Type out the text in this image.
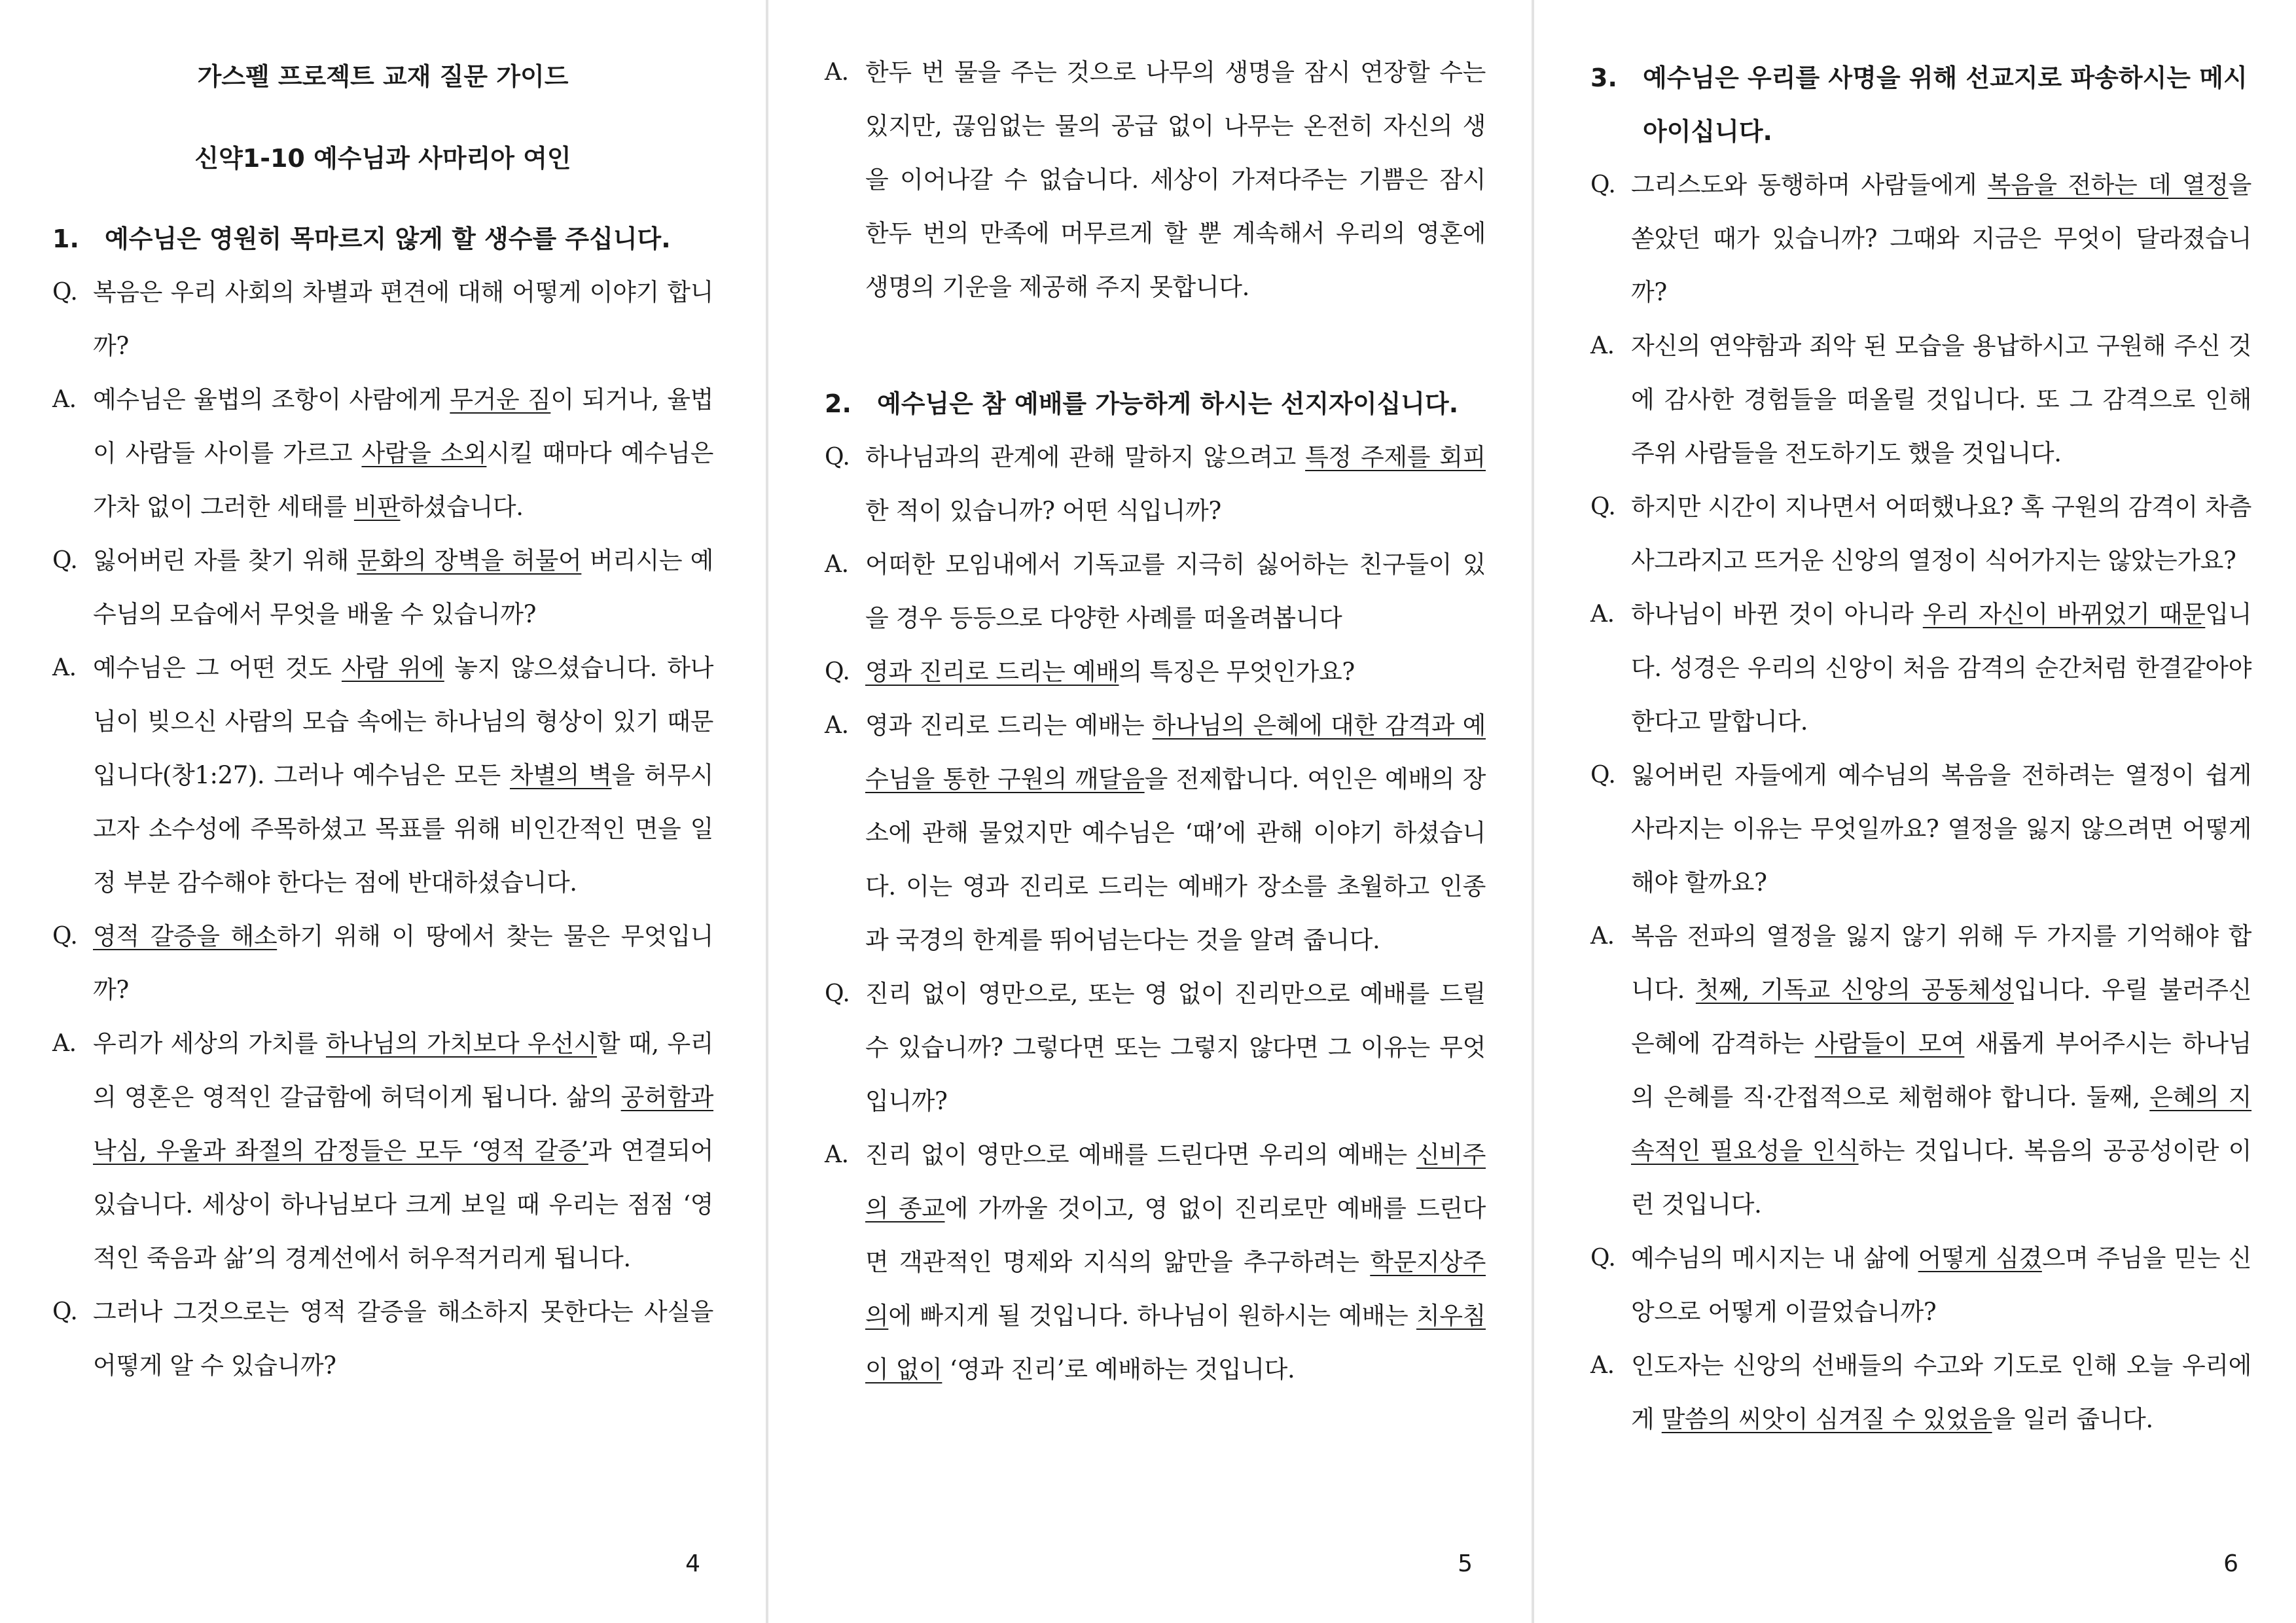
가스펠 프로젝트 교재 질문 가이드

신약1-10 예수님과 사마리아 여인

1. 예수님은 영원히 목마르지 않게 할 생수를 주십니다.
Q. 복음은 우리 사회의 차별과 편견에 대해 어떻게 이야기 합니까?
A. 예수님은 율법의 조항이 사람에게 무거운 짐이 되거나, 율법이 사람들 사이를 가르고 사람을 소외시킬 때마다 예수님은 가차 없이 그러한 세태를 비판하셨습니다.
Q. 잃어버린 자를 찾기 위해 문화의 장벽을 허물어 버리시는 예수님의 모습에서 무엇을 배울 수 있습니까?
A. 예수님은 그 어떤 것도 사람 위에 놓지 않으셨습니다. 하나님이 빚으신 사람의 모습 속에는 하나님의 형상이 있기 때문입니다(창1:27). 그러나 예수님은 모든 차별의 벽을 허무시고자 소수성에 주목하셨고 목표를 위해 비인간적인 면을 일정 부분 감수해야 한다는 점에 반대하셨습니다.
Q. 영적 갈증을 해소하기 위해 이 땅에서 찾는 물은 무엇입니까?
A. 우리가 세상의 가치를 하나님의 가치보다 우선시할 때, 우리의 영혼은 영적인 갈급함에 허덕이게 됩니다. 삶의 공허함과 낙심, 우울과 좌절의 감정들은 모두 ‘영적 갈증’과 연결되어 있습니다. 세상이 하나님보다 크게 보일 때 우리는 점점 ‘영적인 죽음과 삶’의 경계선에서 허우적거리게 됩니다.
Q. 그러나 그것으로는 영적 갈증을 해소하지 못한다는 사실을 어떻게 알 수 있습니까?
4
A. 한두 번 물을 주는 것으로 나무의 생명을 잠시 연장할 수는 있지만, 끊임없는 물의 공급 없이 나무는 온전히 자신의 생을 이어나갈 수 없습니다. 세상이 가져다주는 기쁨은 잠시 한두 번의 만족에 머무르게 할 뿐 계속해서 우리의 영혼에 생명의 기운을 제공해 주지 못합니다.
2. 예수님은 참 예배를 가능하게 하시는 선지자이십니다.
Q. 하나님과의 관계에 관해 말하지 않으려고 특정 주제를 회피한 적이 있습니까? 어떤 식입니까?
A. 어떠한 모임내에서 기독교를 지극히 싫어하는 친구들이 있을 경우 등등으로 다양한 사례를 떠올려봅니다
Q. 영과 진리로 드리는 예배의 특징은 무엇인가요?
A. 영과 진리로 드리는 예배는 하나님의 은혜에 대한 감격과 예수님을 통한 구원의 깨달음을 전제합니다. 여인은 예배의 장소에 관해 물었지만 예수님은 ‘때’에 관해 이야기 하셨습니다. 이는 영과 진리로 드리는 예배가 장소를 초월하고 인종과 국경의 한계를 뛰어넘는다는 것을 알려 줍니다.
Q. 진리 없이 영만으로, 또는 영 없이 진리만으로 예배를 드릴 수 있습니까? 그렇다면 또는 그렇지 않다면 그 이유는 무엇입니까?
A. 진리 없이 영만으로 예배를 드린다면 우리의 예배는 신비주의 종교에 가까울 것이고, 영 없이 진리로만 예배를 드린다면 객관적인 명제와 지식의 앎만을 추구하려는 학문지상주의에 빠지게 될 것입니다. 하나님이 원하시는 예배는 치우침이 없이 ‘영과 진리’로 예배하는 것입니다.
5
3. 예수님은 우리를 사명을 위해 선교지로 파송하시는 메시아이십니다.
Q. 그리스도와 동행하며 사람들에게 복음을 전하는 데 열정을 쏟았던 때가 있습니까? 그때와 지금은 무엇이 달라졌습니까?
A. 자신의 연약함과 죄악 된 모습을 용납하시고 구원해 주신 것에 감사한 경험들을 떠올릴 것입니다. 또 그 감격으로 인해 주위 사람들을 전도하기도 했을 것입니다.
Q. 하지만 시간이 지나면서 어떠했나요? 혹 구원의 감격이 차츰 사그라지고 뜨거운 신앙의 열정이 식어가지는 않았는가요?
A. 하나님이 바뀐 것이 아니라 우리 자신이 바뀌었기 때문입니다. 성경은 우리의 신앙이 처음 감격의 순간처럼 한결같아야 한다고 말합니다.
Q. 잃어버린 자들에게 예수님의 복음을 전하려는 열정이 쉽게 사라지는 이유는 무엇일까요? 열정을 잃지 않으려면 어떻게 해야 할까요?
A. 복음 전파의 열정을 잃지 않기 위해 두 가지를 기억해야 합니다. 첫째, 기독교 신앙의 공동체성입니다. 우릴 불러주신 은혜에 감격하는 사람들이 모여 새롭게 부어주시는 하나님의 은혜를 직·간접적으로 체험해야 합니다. 둘째, 은혜의 지속적인 필요성을 인식하는 것입니다. 복음의 공공성이란 이런 것입니다.
Q. 예수님의 메시지는 내 삶에 어떻게 심겼으며 주님을 믿는 신앙으로 어떻게 이끌었습니까?
A. 인도자는 신앙의 선배들의 수고와 기도로 인해 오늘 우리에게 말씀의 씨앗이 심겨질 수 있었음을 일러 줍니다.
6
